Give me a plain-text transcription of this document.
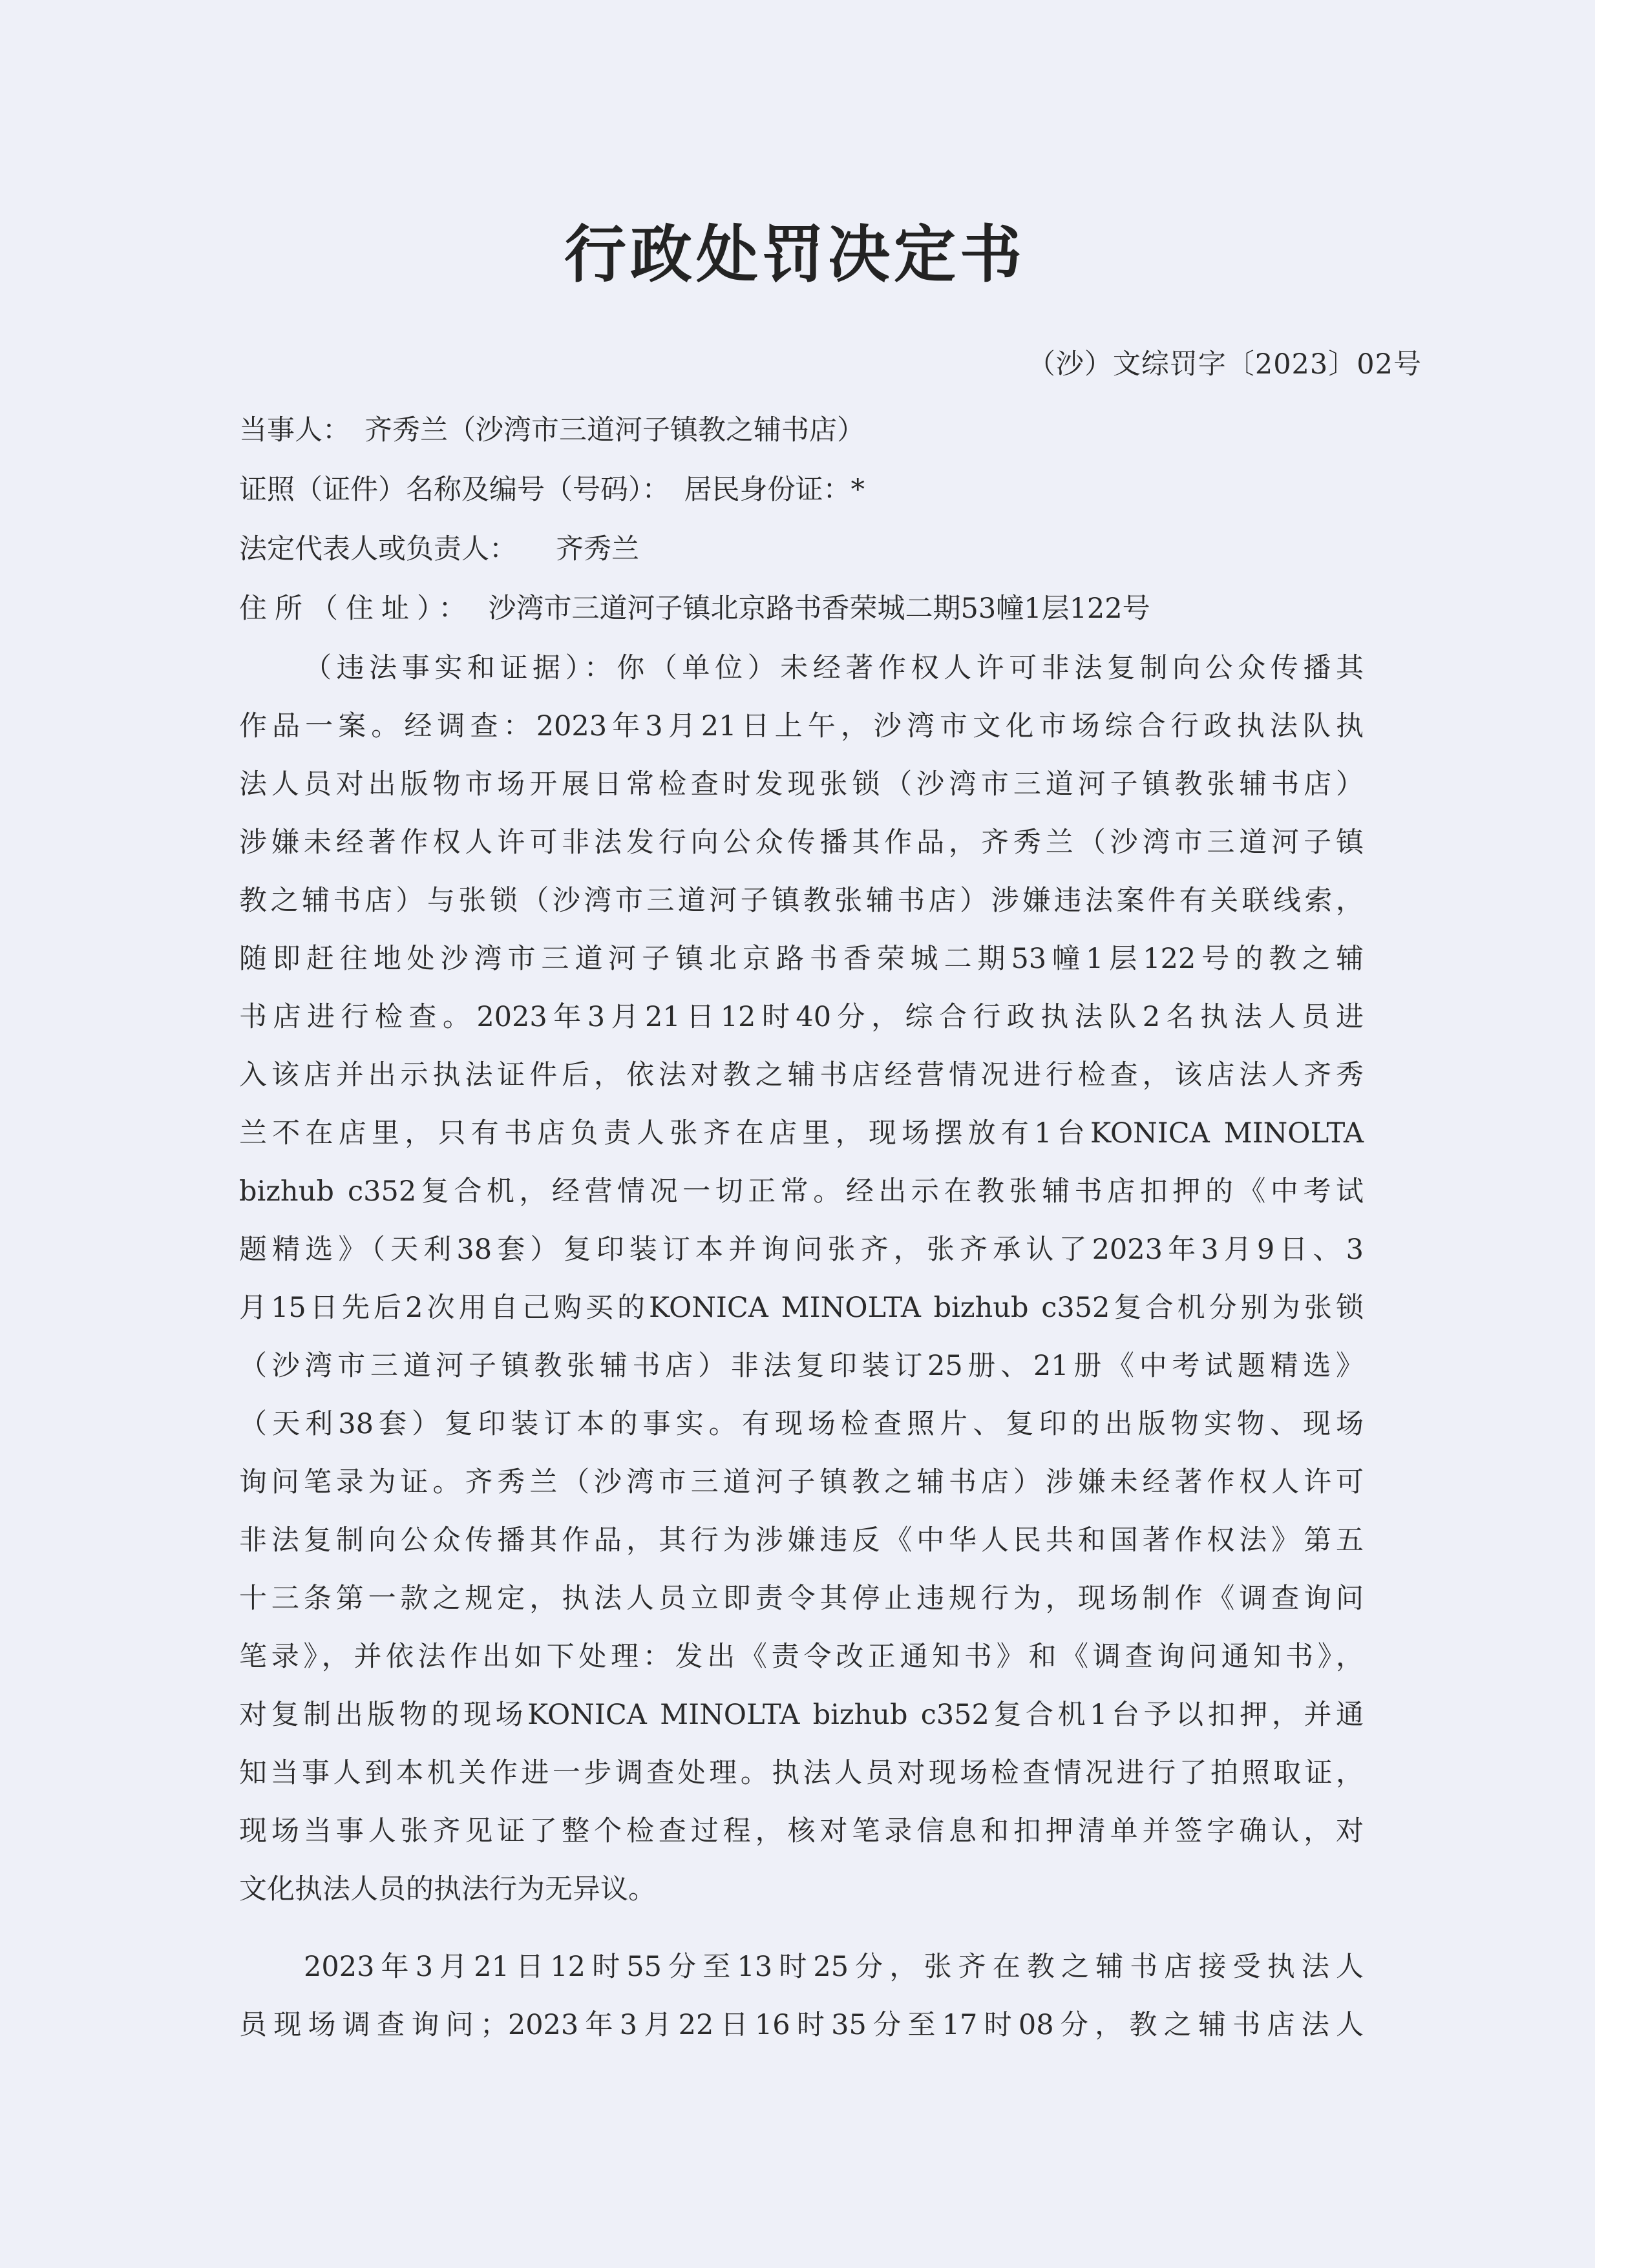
行政处罚决定书
（沙）文综罚字〔2023〕02号
当事人： 齐秀兰（沙湾市三道河子镇教之辅书店）
证照（证件）名称及编号（号码）： 居民身份证：*
法定代表人或负责人： 齐秀兰
住所（住址）： 沙湾市三道河子镇北京路书香荣城二期53幢1层122号

（违法事实和证据）：你（单位）未经著作权人许可非法复制向公众传播其

作品一案。经调查：2023年3月21日上午，沙湾市文化市场综合行政执法队执

法人员对出版物市场开展日常检查时发现张锁（沙湾市三道河子镇教张辅书店）

涉嫌未经著作权人许可非法发行向公众传播其作品，齐秀兰（沙湾市三道河子镇

教之辅书店）与张锁（沙湾市三道河子镇教张辅书店）涉嫌违法案件有关联线索，

随即赶往地处沙湾市三道河子镇北京路书香荣城二期53幢1层122号的教之辅

书店进行检查。2023年3月21日12时40分，综合行政执法队2名执法人员进

入该店并出示执法证件后，依法对教之辅书店经营情况进行检查，该店法人齐秀

兰不在店里，只有书店负责人张齐在店里，现场摆放有1台KONICA MINOLTA

bizhub c352复合机，经营情况一切正常。经出示在教张辅书店扣押的《中考试

题精选》（天利38套）复印装订本并询问张齐，张齐承认了2023年3月9日、3

月15日先后2次用自己购买的KONICA MINOLTA bizhub c352复合机分别为张锁

（沙湾市三道河子镇教张辅书店）非法复印装订25册、21册《中考试题精选》

（天利38套）复印装订本的事实。有现场检查照片、复印的出版物实物、现场

询问笔录为证。齐秀兰（沙湾市三道河子镇教之辅书店）涉嫌未经著作权人许可

非法复制向公众传播其作品，其行为涉嫌违反《中华人民共和国著作权法》第五

十三条第一款之规定，执法人员立即责令其停止违规行为，现场制作《调查询问

笔录》，并依法作出如下处理：发出《责令改正通知书》和《调查询问通知书》，

对复制出版物的现场KONICA MINOLTA bizhub c352复合机1台予以扣押，并通

知当事人到本机关作进一步调查处理。执法人员对现场检查情况进行了拍照取证，

现场当事人张齐见证了整个检查过程，核对笔录信息和扣押清单并签字确认，对

文化执法人员的执法行为无异议。

2023年3月21日12时55分至13时25分，张齐在教之辅书店接受执法人

员现场调查询问；2023年3月22日16时35分至17时08分，教之辅书店法人
